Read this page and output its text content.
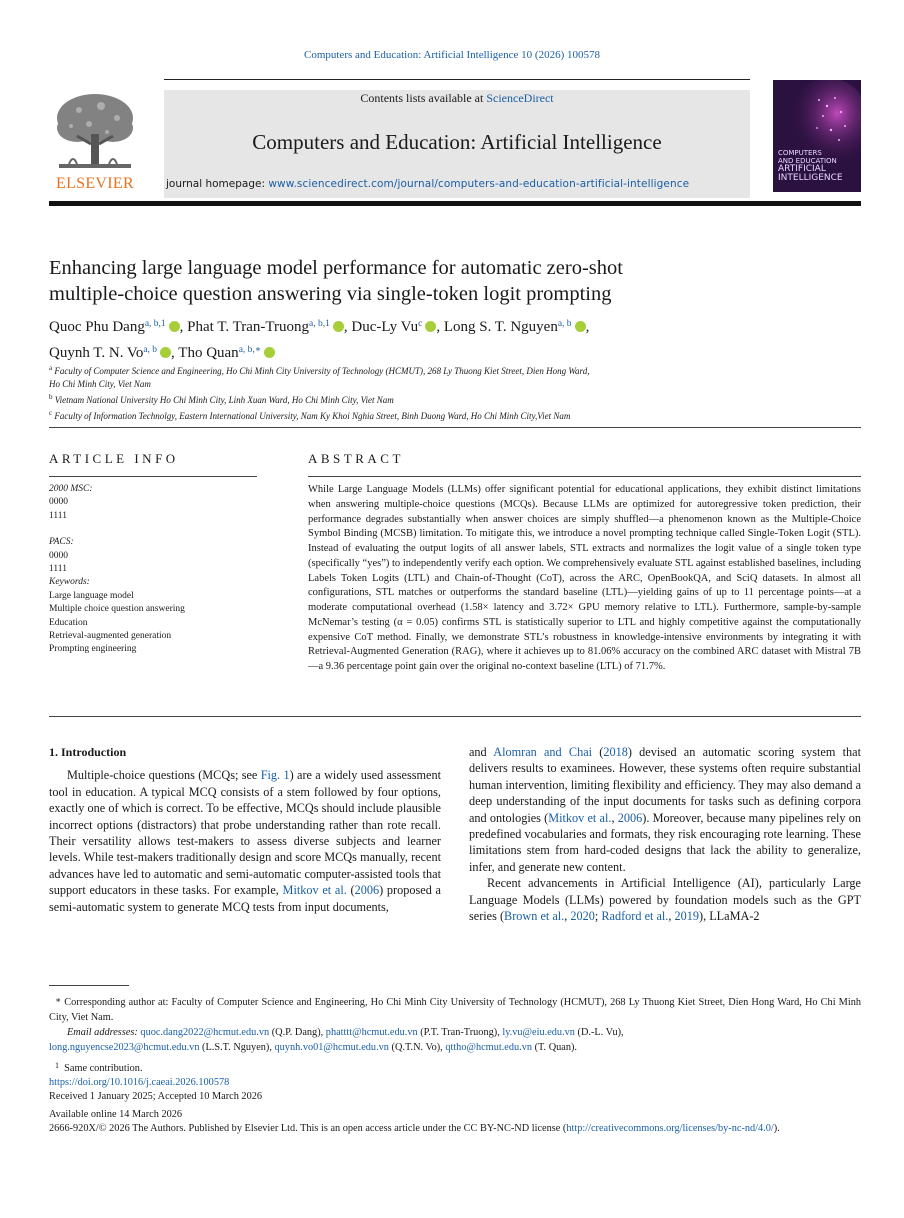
Computers and Education: Artificial Intelligence 10 (2026) 100578
Contents lists available at ScienceDirect
Computers and Education: Artificial Intelligence
journal homepage: www.sciencedirect.com/journal/computers-and-education-artificial-intelligence
ELSEVIER
COMPUTERS
AND EDUCATION
ARTIFICIAL
INTELLIGENCE
Enhancing large language model performance for automatic zero-shot
multiple-choice question answering via single-token logit prompting
Quoc Phu Dang$^{a, b,1}$ , Phat T. Tran-Truong$^{a, b,1}$ , Duc-Ly Vu$^c$ , Long S. T. Nguyen$^{a, b}$ ,
Quynh T. N. Vo$^{a, b}$ , Tho Quan$^{a, b,∗}$
$^a$ Faculty of Computer Science and Engineering, Ho Chi Minh City University of Technology (HCMUT), 268 Ly Thuong Kiet Street, Dien Hong Ward,
Ho Chi Minh City, Viet Nam
$^b$ Vietnam National University Ho Chi Minh City, Linh Xuan Ward, Ho Chi Minh City, Viet Nam
$^c$ Faculty of Information Technolgy, Eastern International University, Nam Ky Khoi Nghia Street, Binh Duong Ward, Ho Chi Minh City,Viet Nam
ARTICLE INFO
2000 MSC:
0000
1111
PACS:
0000
1111
Keywords:
Large language model
Multiple choice question answering
Education
Retrieval-augmented generation
Prompting engineering
ABSTRACT
While Large Language Models (LLMs) offer significant potential for educational applications, they exhibit distinct limitations when answering multiple-choice questions (MCQs). Because LLMs are optimized for autoregressive token prediction, their performance degrades substantially when answer choices are simply shuffled—a phenomenon known as the Multiple-Choice Symbol Binding (MCSB) limitation. To mitigate this, we introduce a novel prompting technique called Single-Token Logit (STL). Instead of evaluating the output logits of all answer labels, STL extracts and normalizes the logit value of a single token type (specifically “yes”) to independently verify each option. We comprehensively evaluate STL against established baselines, including Labels Token Logits (LTL) and Chain-of-Thought (CoT), across the ARC, OpenBookQA, and SciQ datasets. In almost all configurations, STL matches or outperforms the standard baseline (LTL)—yielding gains of up to 11 percentage points—at a moderate computational overhead (1.58× latency and 3.72× GPU memory relative to LTL). Furthermore, sample-by-sample McNemar’s testing (α = 0.05) confirms STL is statistically superior to LTL and highly competitive against the computationally expensive CoT method. Finally, we demonstrate STL’s robustness in knowledge-intensive environments by integrating it with Retrieval-Augmented Generation (RAG), where it achieves up to 81.06% accuracy on the combined ARC dataset with Mistral 7B—a 9.36 percentage point gain over the original no-context baseline (LTL) of 71.7%.
1. Introduction

Multiple-choice questions (MCQs; see Fig. 1) are a widely used assessment tool in education. A typical MCQ consists of a stem followed by four options, exactly one of which is correct. To be effective, MCQs should include plausible incorrect options (distractors) that probe understanding rather than rote recall. Their versatility allows test-makers to assess diverse subjects and learner levels. While test-makers traditionally design and score MCQs manually, recent advances have led to automatic and semi-automatic computer-assisted tools that support educators in these tasks. For example, Mitkov et al. (2006) proposed a semi-automatic system to generate MCQ tests from input documents,

and Alomran and Chai (2018) devised an automatic scoring system that delivers results to examinees. However, these systems often require substantial human intervention, limiting flexibility and efficiency. They may also demand a deep understanding of the input documents for tasks such as defining corpora and ontologies (Mitkov et al., 2006). Moreover, because many pipelines rely on predefined vocabularies and formats, they risk encouraging rote learning. These limitations stem from hard-coded designs that lack the ability to generalize, infer, and generate new content.

Recent advancements in Artificial Intelligence (AI), particularly Large Language Models (LLMs) powered by foundation models such as the GPT series (Brown et al., 2020; Radford et al., 2019), LLaMA-2

∗ Corresponding author at: Faculty of Computer Science and Engineering, Ho Chi Minh City University of Technology (HCMUT), 268 Ly Thuong Kiet Street, Dien Hong Ward, Ho Chi Minh City, Viet Nam.
Email addresses: quoc.dang2022@hcmut.edu.vn (Q.P. Dang), phatttt@hcmut.edu.vn (P.T. Tran-Truong), ly.vu@eiu.edu.vn (D.-L. Vu),
long.nguyencse2023@hcmut.edu.vn (L.S.T. Nguyen), quynh.vo01@hcmut.edu.vn (Q.T.N. Vo), qttho@hcmut.edu.vn (T. Quan).
$^1$ Same contribution.
https://doi.org/10.1016/j.caeai.2026.100578
Received 1 January 2025; Accepted 10 March 2026
Available online 14 March 2026
2666-920X/© 2026 The Authors. Published by Elsevier Ltd. This is an open access article under the CC BY-NC-ND license (http://creativecommons.org/licenses/by-nc-nd/4.0/).
